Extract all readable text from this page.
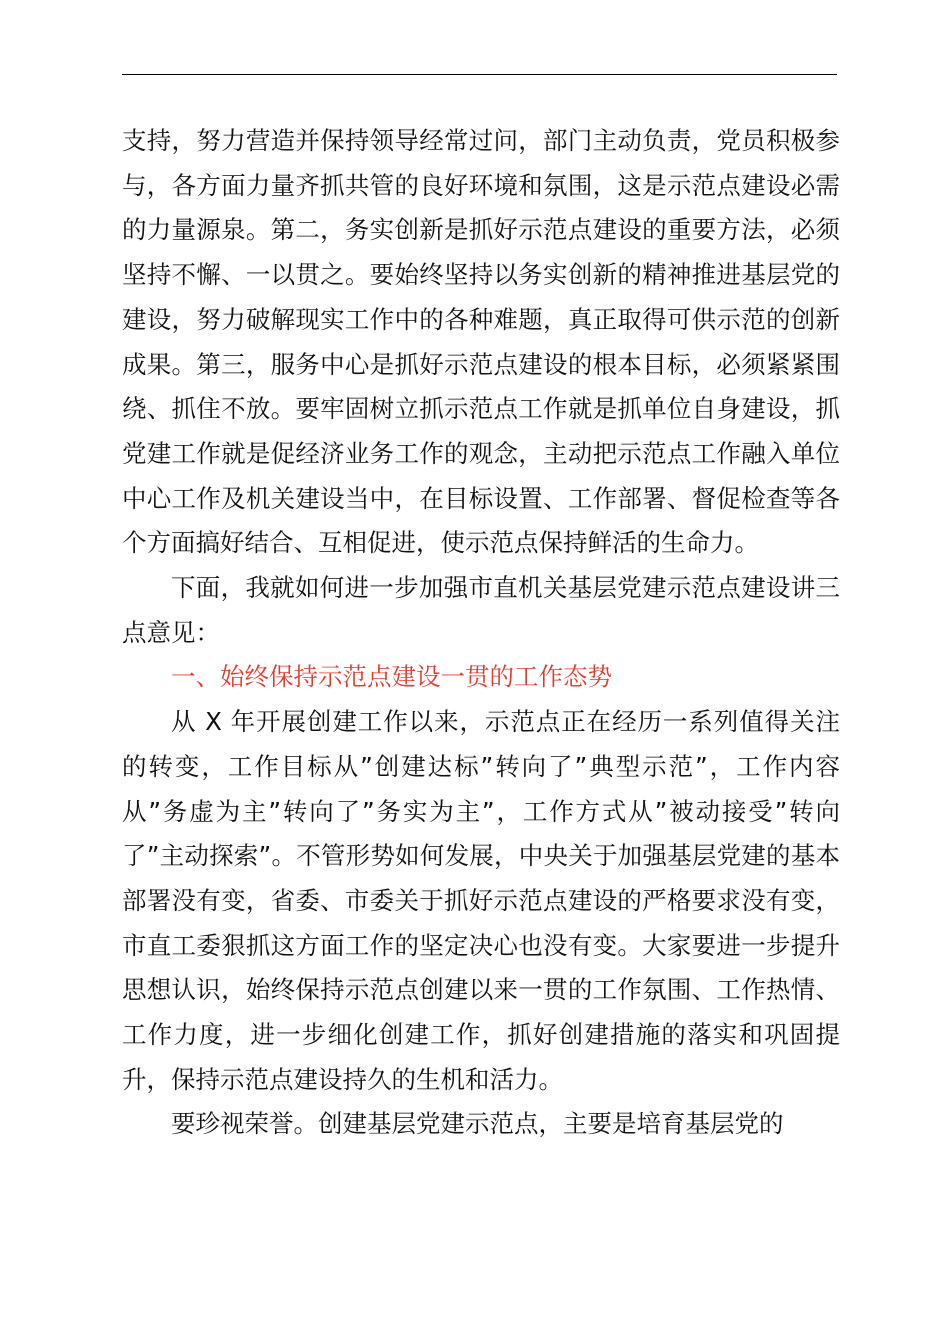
支持，努力营造并保持领导经常过问，部门主动负责，党员积极参与，各方面力量齐抓共管的良好环境和氛围，这是示范点建设必需的力量源泉。第二，务实创新是抓好示范点建设的重要方法，必须坚持不懈、一以贯之。要始终坚持以务实创新的精神推进基层党的建设，努力破解现实工作中的各种难题，真正取得可供示范的创新成果。第三，服务中心是抓好示范点建设的根本目标，必须紧紧围绕、抓住不放。要牢固树立抓示范点工作就是抓单位自身建设，抓党建工作就是促经济业务工作的观念，主动把示范点工作融入单位中心工作及机关建设当中，在目标设置、工作部署、督促检查等各个方面搞好结合、互相促进，使示范点保持鲜活的生命力。

下面，我就如何进一步加强市直机关基层党建示范点建设讲三点意见：

一、始终保持示范点建设一贯的工作态势

从 X 年开展创建工作以来，示范点正在经历一系列值得关注的转变，工作目标从”创建达标”转向了”典型示范”，工作内容从”务虚为主”转向了”务实为主”，工作方式从”被动接受”转向了”主动探索”。不管形势如何发展，中央关于加强基层党建的基本部署没有变，省委、市委关于抓好示范点建设的严格要求没有变，市直工委狠抓这方面工作的坚定决心也没有变。大家要进一步提升思想认识，始终保持示范点创建以来一贯的工作氛围、工作热情、工作力度，进一步细化创建工作，抓好创建措施的落实和巩固提升，保持示范点建设持久的生机和活力。

要珍视荣誉。创建基层党建示范点，主要是培育基层党的
